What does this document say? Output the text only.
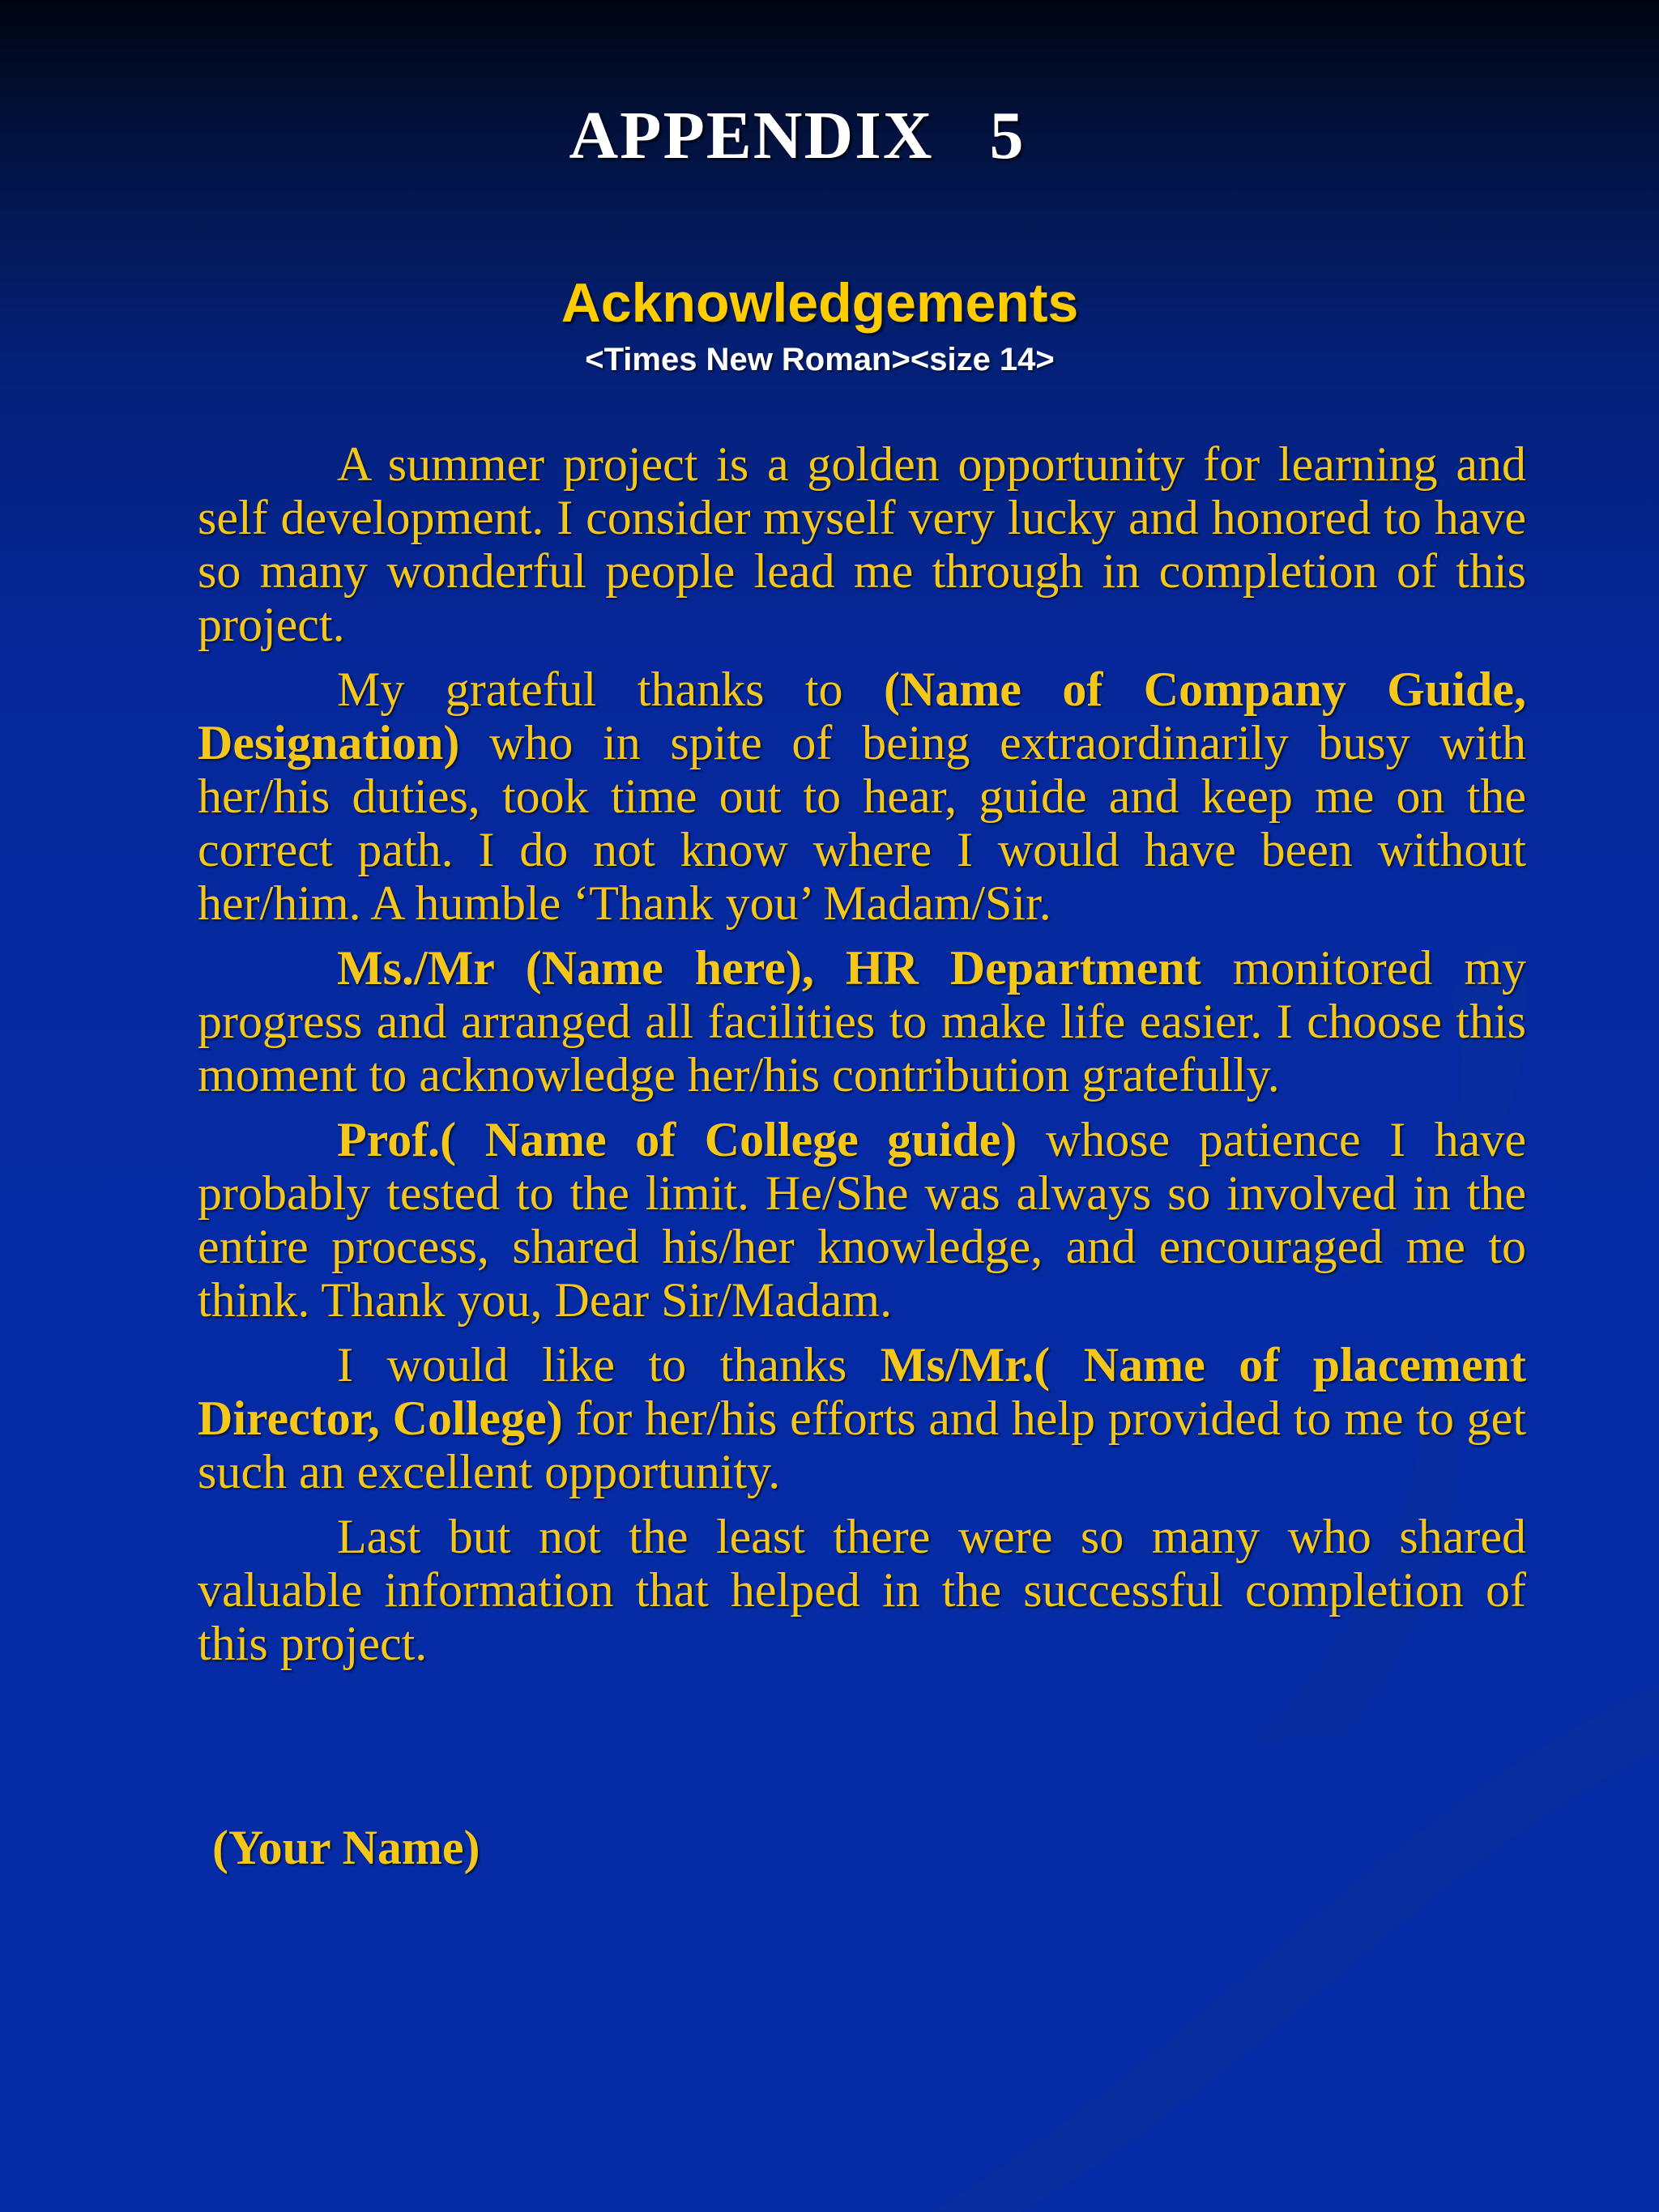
APPENDIX   5
Acknowledgements
<Times New Roman><size 14>

A summer project is a golden opportunity for learning and self development. I consider myself very lucky and honored to have so many wonderful people lead me through in completion of this project.

My grateful thanks to (Name of Company Guide, Designation) who in spite of being extraordinarily busy with her/his duties, took time out to hear, guide and keep me on the correct path. I do not know where I would have been without her/him. A humble ‘Thank you’ Madam/Sir.

Ms./Mr (Name here), HR Department monitored my progress and arranged all facilities to make life easier. I choose this moment to acknowledge her/his contribution gratefully.

Prof.( Name of College guide) whose patience I have probably tested to the limit. He/She was always so involved in the entire process, shared his/her knowledge, and encouraged me to think. Thank you, Dear Sir/Madam.

I would like to thanks Ms/Mr.( Name of placement Director, College) for her/his efforts and help provided to me to get such an excellent opportunity.

Last but not the least there were so many who shared valuable information that helped in the successful completion of this project.

(Your Name)
